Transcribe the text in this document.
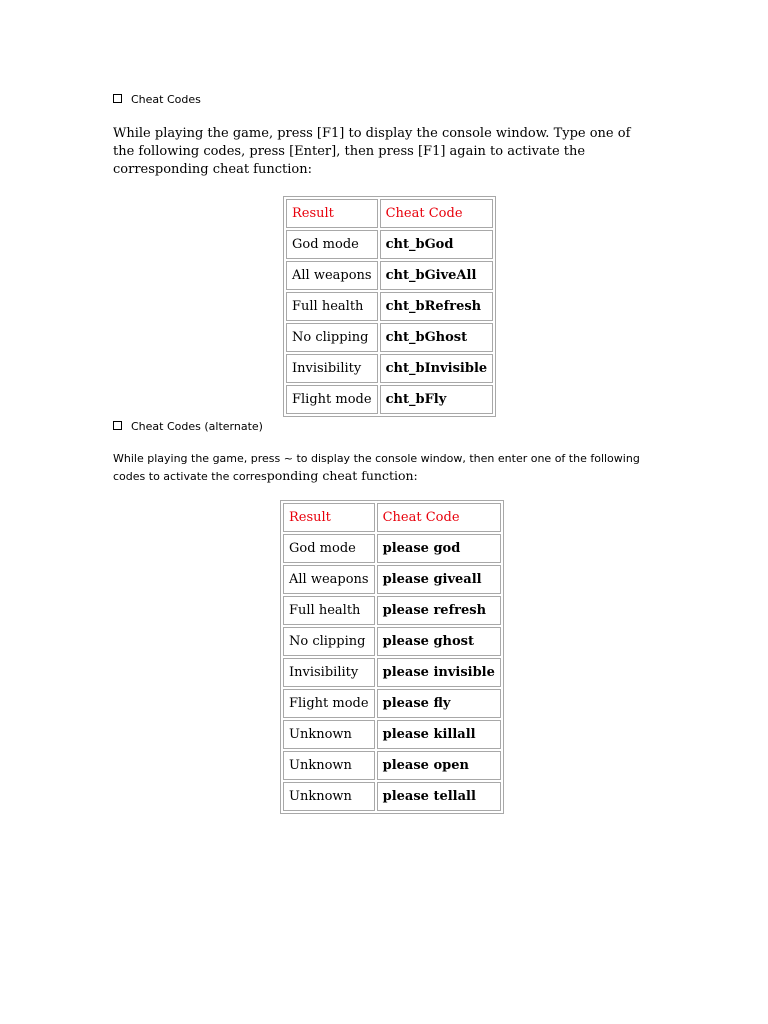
Cheat Codes

While playing the game, press [F1] to display the console window. Type one of the following codes, press [Enter], then press [F1] again to activate the corresponding cheat function:

Result	Cheat Code
God mode	cht_bGod
All weapons	cht_bGiveAll
Full health	cht_bRefresh
No clipping	cht_bGhost
Invisibility	cht_bInvisible
Flight mode	cht_bFly
Cheat Codes (alternate)

While playing the game, press ~ to display the console window, then enter one of the following codes to activate the corresponding cheat function:

Result	Cheat Code
God mode	please god
All weapons	please giveall
Full health	please refresh
No clipping	please ghost
Invisibility	please invisible
Flight mode	please fly
Unknown	please killall
Unknown	please open
Unknown	please tellall
